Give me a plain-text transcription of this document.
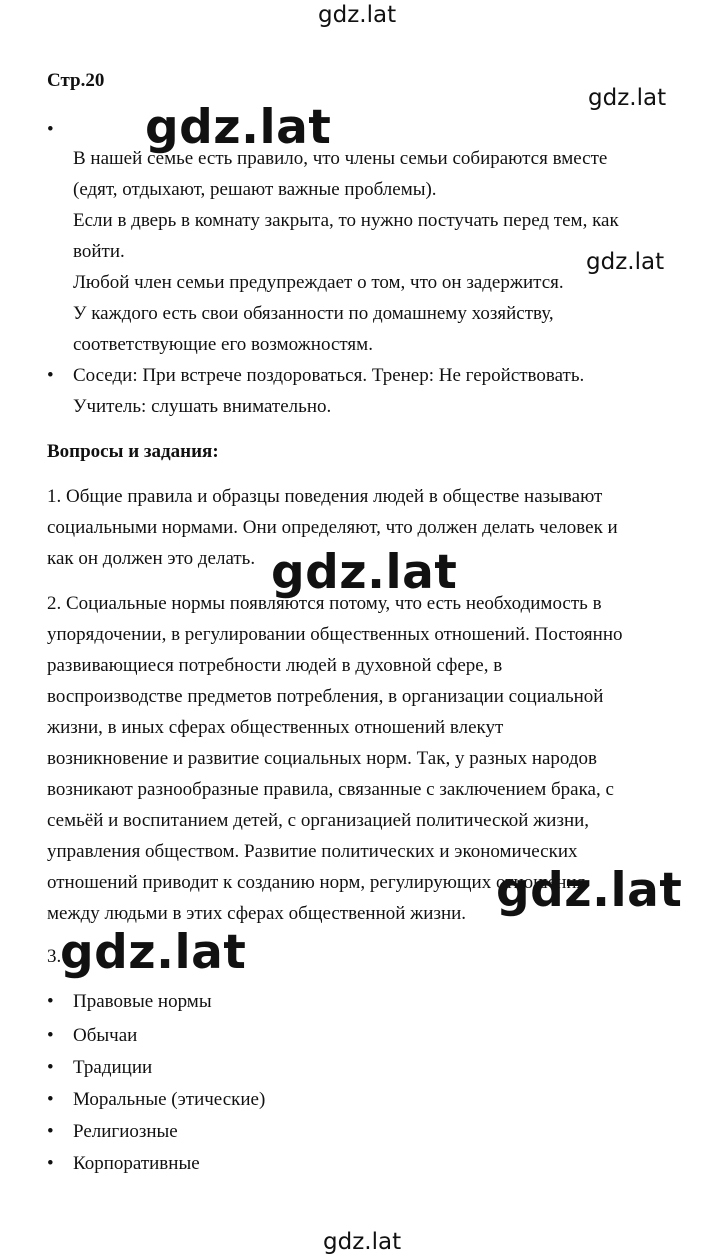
gdz.lat
gdz.lat
gdz.lat
gdz.lat
gdz.lat
gdz.lat
gdz.lat
gdz.lat
Стр.20
•
В нашей семье есть правило, что члены семьи собираются вместе
(едят, отдыхают, решают важные проблемы).
Если в дверь в комнату закрыта, то нужно постучать перед тем, как
войти.
Любой член семьи предупреждает о том, что он задержится.
У каждого есть свои обязанности по домашнему хозяйству,
соответствующие его возможностям.
• Соседи: При встрече поздороваться. Тренер: Не геройствовать.
Учитель: слушать внимательно.
Вопросы и задания:
1. Общие правила и образцы поведения людей в обществе называют
социальными нормами. Они определяют, что должен делать человек и
как он должен это делать.
2. Социальные нормы появляются потому, что есть необходимость в
упорядочении, в регулировании общественных отношений. Постоянно
развивающиеся потребности людей в духовной сфере, в
воспроизводстве предметов потребления, в организации социальной
жизни, в иных сферах общественных отношений влекут
возникновение и развитие социальных норм. Так, у разных народов
возникают разнообразные правила, связанные с заключением брака, с
семьёй и воспитанием детей, с организацией политической жизни,
управления обществом. Развитие политических и экономических
отношений приводит к созданию норм, регулирующих отношения
между людьми в этих сферах общественной жизни.
3.
• Правовые нормы
• Обычаи
• Традиции
• Моральные (этические)
• Религиозные
• Корпоративные
